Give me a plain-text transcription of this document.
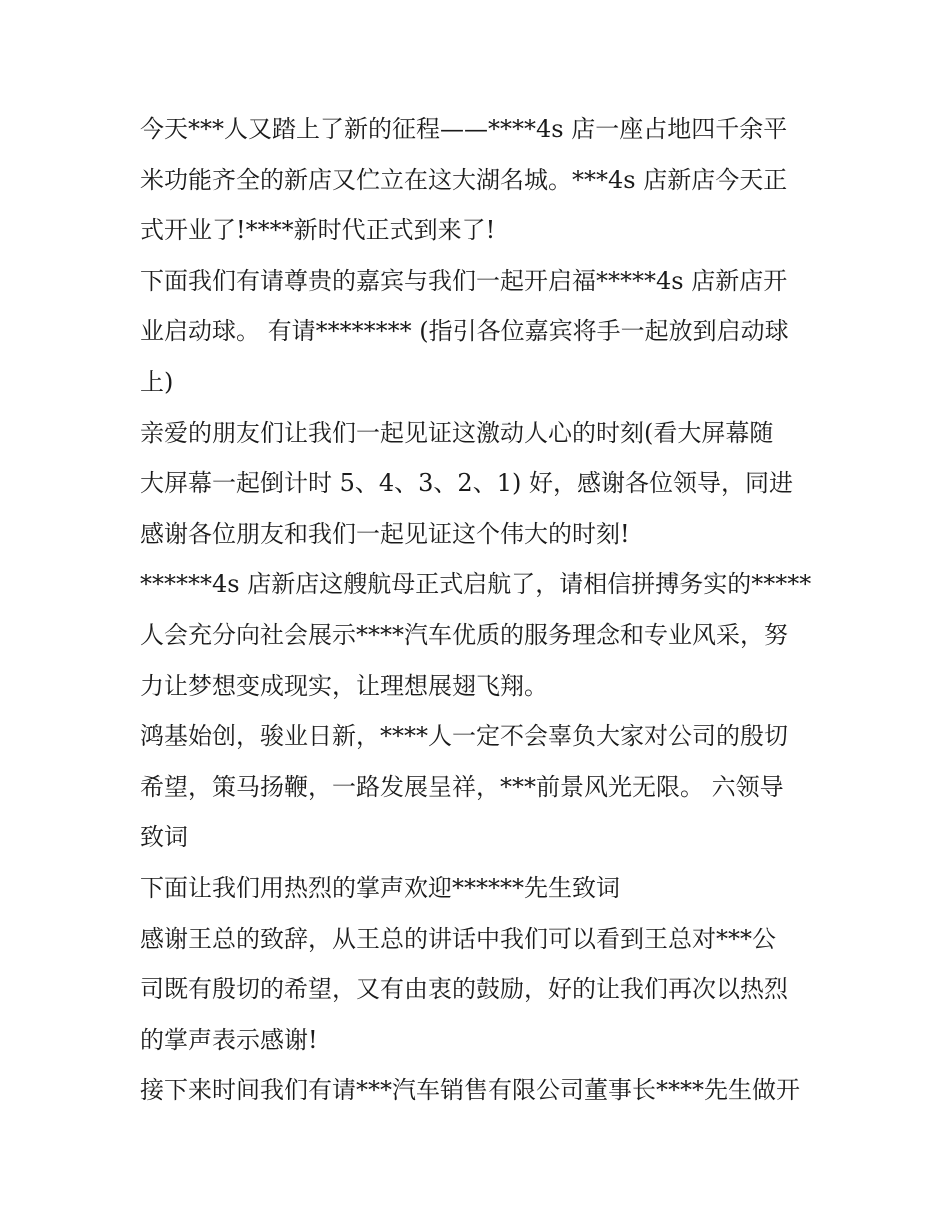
今天***人又踏上了新的征程——****4s 店一座占地四千余平
米功能齐全的新店又伫立在这大湖名城。***4s 店新店今天正
式开业了!****新时代正式到来了!
下面我们有请尊贵的嘉宾与我们一起开启福*****4s 店新店开
业启动球。 有请******** (指引各位嘉宾将手一起放到启动球
上)
亲爱的朋友们让我们一起见证这激动人心的时刻(看大屏幕随
大屏幕一起倒计时 5、4、3、2、1) 好，感谢各位领导，同进
感谢各位朋友和我们一起见证这个伟大的时刻!
******4s 店新店这艘航母正式启航了，请相信拼搏务实的*****
人会充分向社会展示****汽车优质的服务理念和专业风采，努
力让梦想变成现实，让理想展翅飞翔。
鸿基始创，骏业日新，****人一定不会辜负大家对公司的殷切
希望，策马扬鞭，一路发展呈祥，***前景风光无限。 六领导
致词
下面让我们用热烈的掌声欢迎******先生致词
感谢王总的致辞，从王总的讲话中我们可以看到王总对***公
司既有殷切的希望，又有由衷的鼓励，好的让我们再次以热烈
的掌声表示感谢!
接下来时间我们有请***汽车销售有限公司董事长****先生做开
